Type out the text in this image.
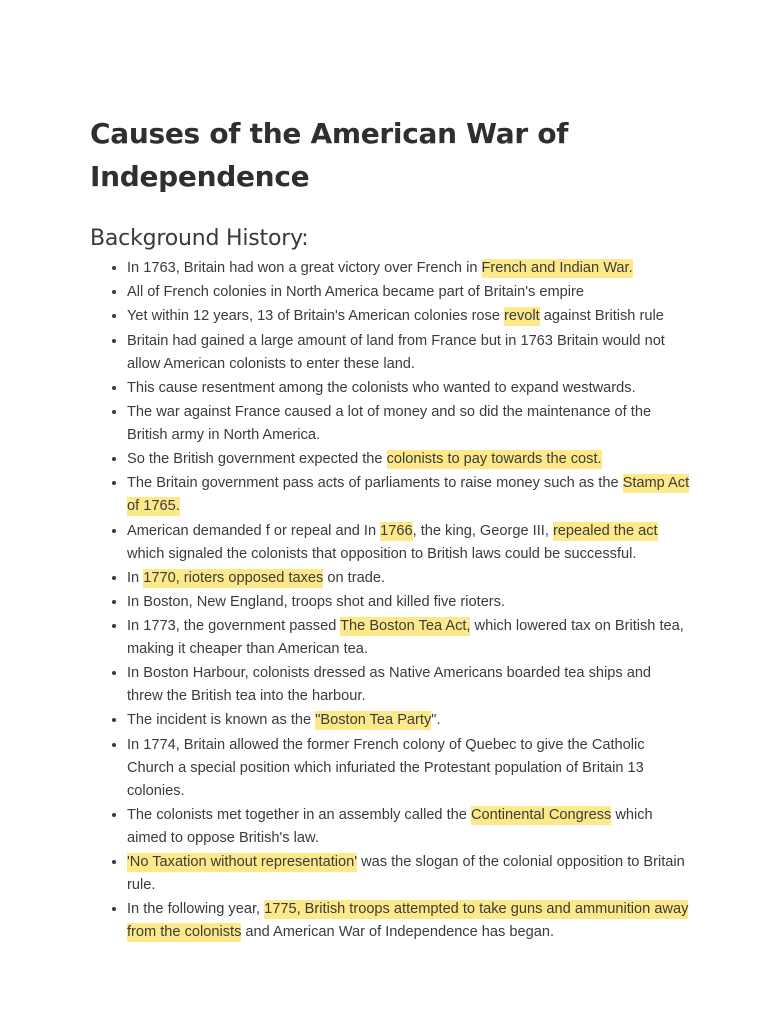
Causes of the American War of Independence
Background History:
• In 1763, Britain had won a great victory over French in French and Indian War.
• All of French colonies in North America became part of Britain's empire
• Yet within 12 years, 13 of Britain's American colonies rose revolt against British rule
• Britain had gained a large amount of land from France but in 1763 Britain would not allow American colonists to enter these land.
• This cause resentment among the colonists who wanted to expand westwards.
• The war against France caused a lot of money and so did the maintenance of the British army in North America.
• So the British government expected the colonists to pay towards the cost.
• The Britain government pass acts of parliaments to raise money such as the Stamp Act of 1765.
• American demanded f or repeal and In 1766, the king, George III, repealed the act which signaled the colonists that opposition to British laws could be successful.
• In 1770, rioters opposed taxes on trade.
• In Boston, New England, troops shot and killed five rioters.
• In 1773, the government passed The Boston Tea Act, which lowered tax on British tea, making it cheaper than American tea.
• In Boston Harbour, colonists dressed as Native Americans boarded tea ships and threw the British tea into the harbour.
• The incident is known as the "Boston Tea Party".
• In 1774, Britain allowed the former French colony of Quebec to give the Catholic Church a special position which infuriated the Protestant population of Britain 13 colonies.
• The colonists met together in an assembly called the Continental Congress which aimed to oppose British's law.
• 'No Taxation without representation' was the slogan of the colonial opposition to Britain rule.
• In the following year, 1775, British troops attempted to take guns and ammunition away from the colonists and American War of Independence has began.
